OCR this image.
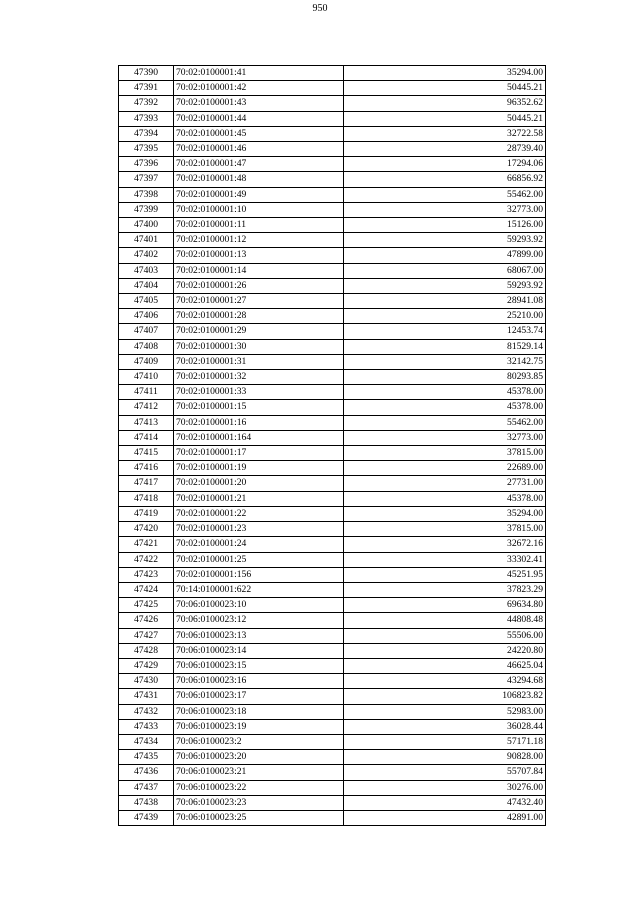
950
47390	70:02:0100001:41	35294.00
47391	70:02:0100001:42	50445.21
47392	70:02:0100001:43	96352.62
47393	70:02:0100001:44	50445.21
47394	70:02:0100001:45	32722.58
47395	70:02:0100001:46	28739.40
47396	70:02:0100001:47	17294.06
47397	70:02:0100001:48	66856.92
47398	70:02:0100001:49	55462.00
47399	70:02:0100001:10	32773.00
47400	70:02:0100001:11	15126.00
47401	70:02:0100001:12	59293.92
47402	70:02:0100001:13	47899.00
47403	70:02:0100001:14	68067.00
47404	70:02:0100001:26	59293.92
47405	70:02:0100001:27	28941.08
47406	70:02:0100001:28	25210.00
47407	70:02:0100001:29	12453.74
47408	70:02:0100001:30	81529.14
47409	70:02:0100001:31	32142.75
47410	70:02:0100001:32	80293.85
47411	70:02:0100001:33	45378.00
47412	70:02:0100001:15	45378.00
47413	70:02:0100001:16	55462.00
47414	70:02:0100001:164	32773.00
47415	70:02:0100001:17	37815.00
47416	70:02:0100001:19	22689.00
47417	70:02:0100001:20	27731.00
47418	70:02:0100001:21	45378.00
47419	70:02:0100001:22	35294.00
47420	70:02:0100001:23	37815.00
47421	70:02:0100001:24	32672.16
47422	70:02:0100001:25	33302.41
47423	70:02:0100001:156	45251.95
47424	70:14:0100001:622	37823.29
47425	70:06:0100023:10	69634.80
47426	70:06:0100023:12	44808.48
47427	70:06:0100023:13	55506.00
47428	70:06:0100023:14	24220.80
47429	70:06:0100023:15	46625.04
47430	70:06:0100023:16	43294.68
47431	70:06:0100023:17	106823.82
47432	70:06:0100023:18	52983.00
47433	70:06:0100023:19	36028.44
47434	70:06:0100023:2	57171.18
47435	70:06:0100023:20	90828.00
47436	70:06:0100023:21	55707.84
47437	70:06:0100023:22	30276.00
47438	70:06:0100023:23	47432.40
47439	70:06:0100023:25	42891.00
